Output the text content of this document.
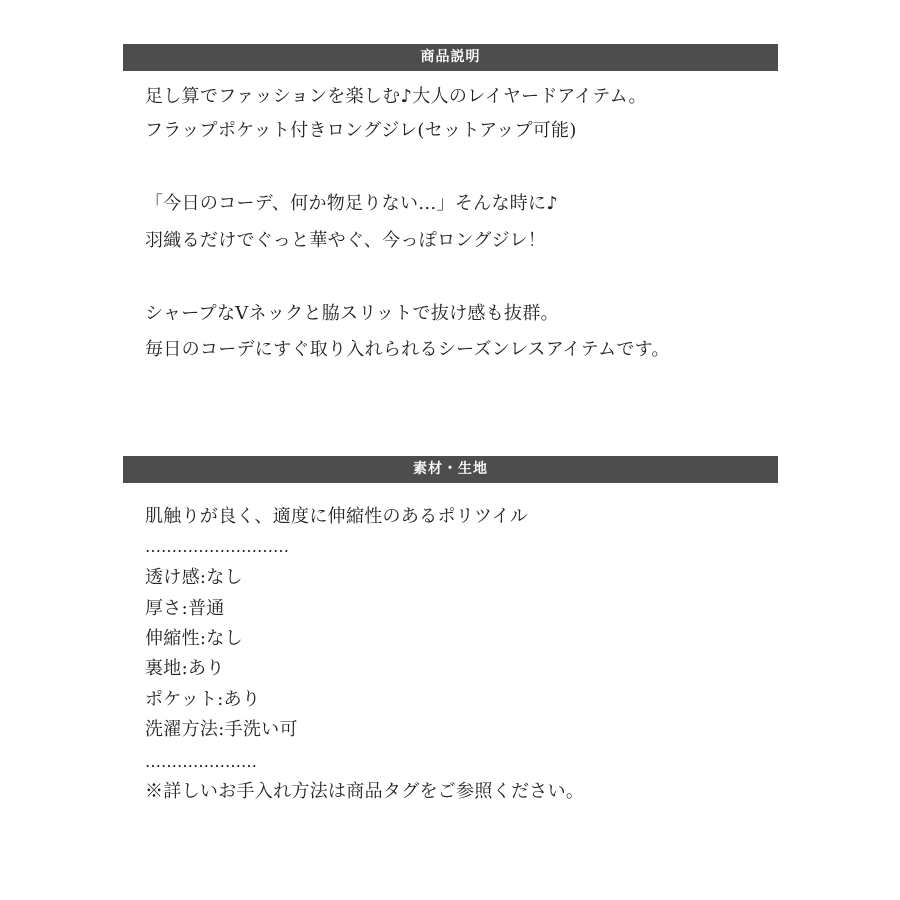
商品説明
足し算でファッションを楽しむ♪大人のレイヤードアイテム。
フラップポケット付きロングジレ(セットアップ可能)
「今日のコーデ、何か物足りない…」そんな時に♪
羽織るだけでぐっと華やぐ、今っぽロングジレ！
シャープなVネックと脇スリットで抜け感も抜群。
毎日のコーデにすぐ取り入れられるシーズンレスアイテムです。
素材・生地
肌触りが良く、適度に伸縮性のあるポリツイル
………………………
透け感:なし
厚さ:普通
伸縮性:なし
裏地:あり
ポケット:あり
洗濯方法:手洗い可
…………………
※詳しいお手入れ方法は商品タグをご参照ください。
